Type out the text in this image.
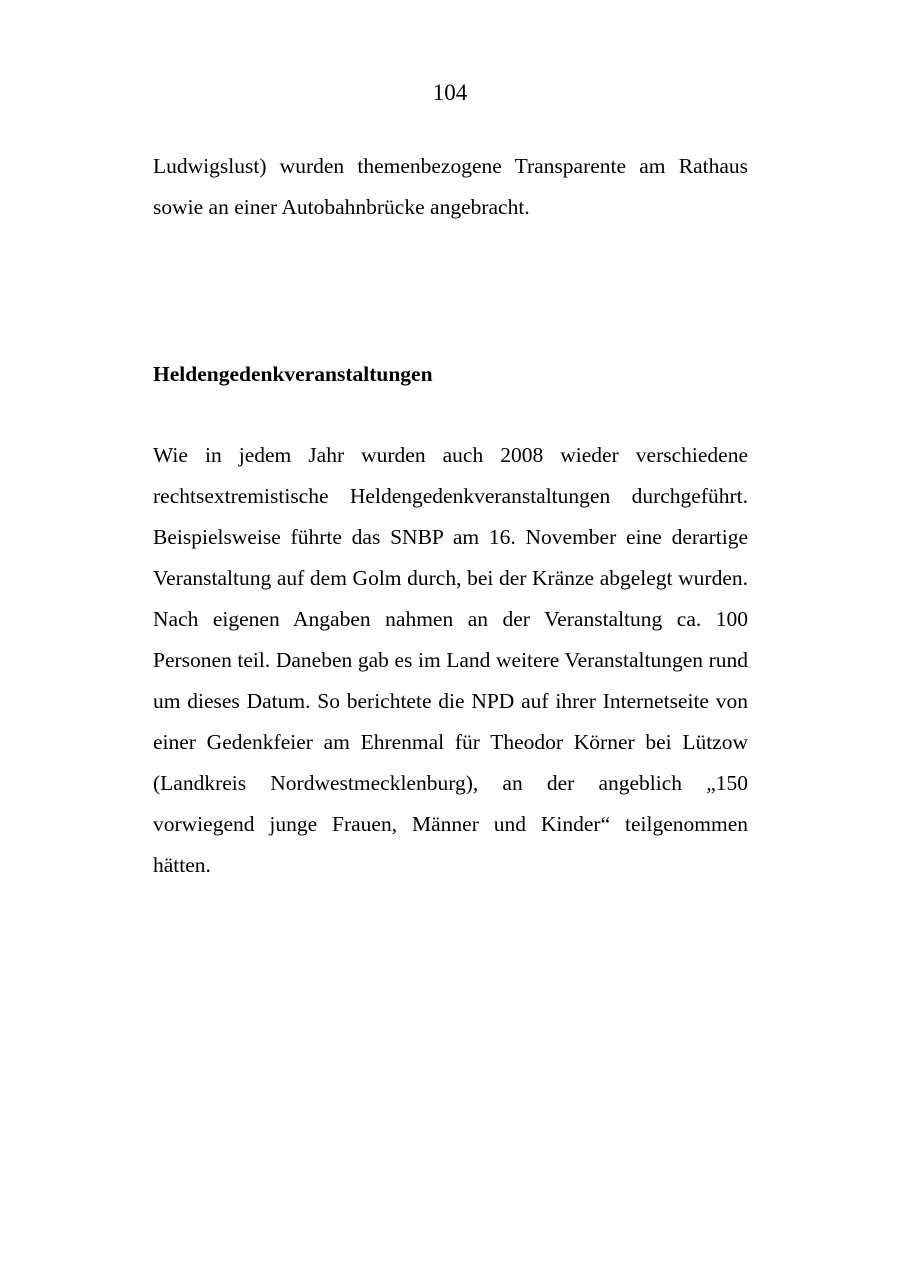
104

Ludwigslust) wurden themenbezogene Transparente am Rathaus sowie an einer Autobahnbrücke angebracht.

Heldengedenkveranstaltungen

Wie in jedem Jahr wurden auch 2008 wieder verschiedene rechtsextremistische Heldengedenkveranstaltungen durchgeführt. Beispielsweise führte das SNBP am 16. November eine derartige Veranstaltung auf dem Golm durch, bei der Kränze abgelegt wurden. Nach eigenen Angaben nahmen an der Veranstaltung ca. 100 Personen teil. Daneben gab es im Land weitere Veranstaltungen rund um dieses Datum. So berichtete die NPD auf ihrer Internetseite von einer Gedenkfeier am Ehrenmal für Theodor Körner bei Lützow (Landkreis Nordwestmecklenburg), an der angeblich „150 vorwiegend junge Frauen, Männer und Kinder“ teilgenommen hätten.
